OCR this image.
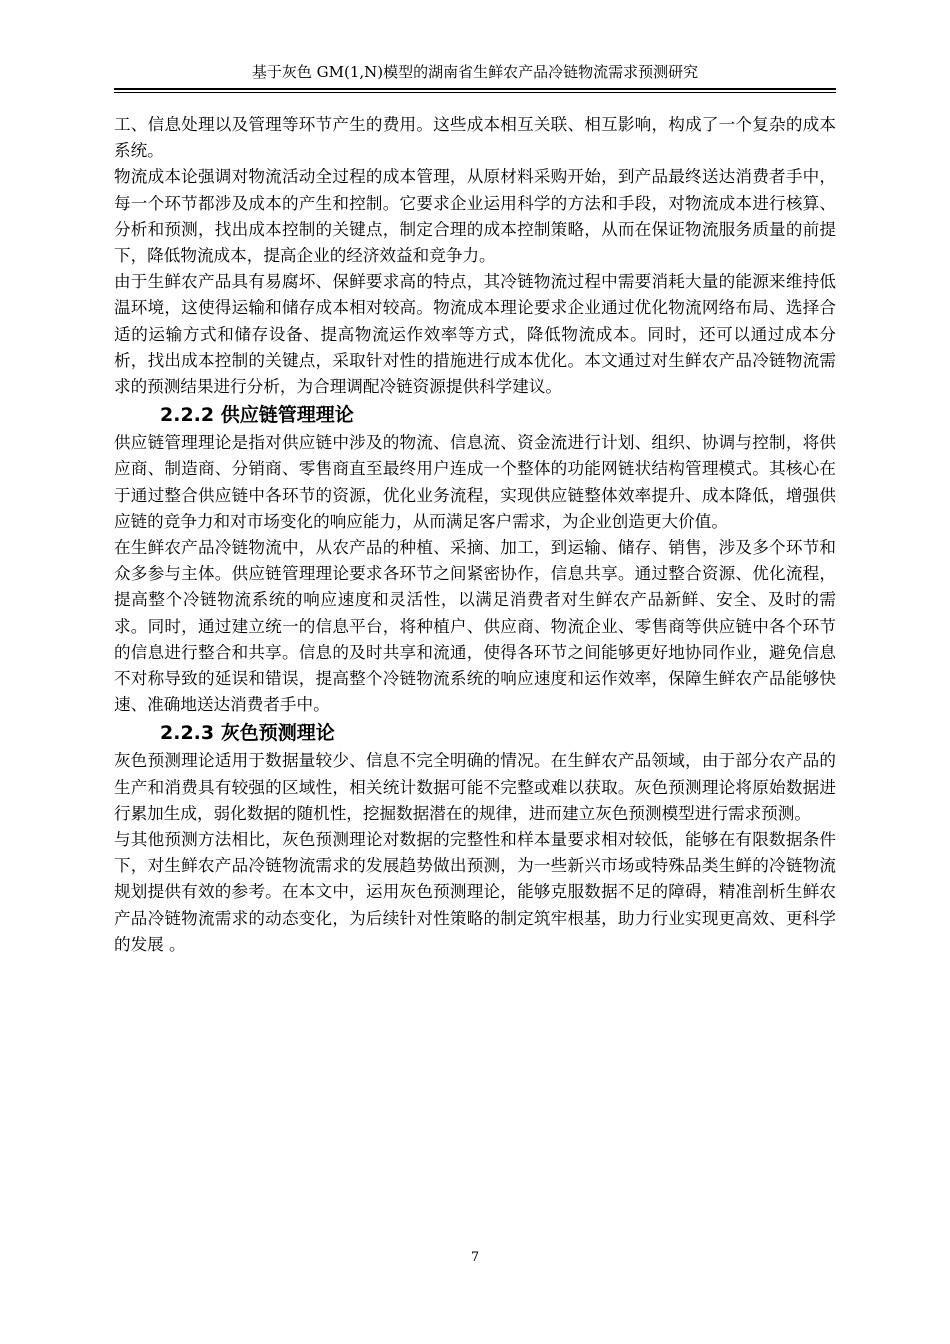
基于灰色 GM(1,N)模型的湖南省生鲜农产品冷链物流需求预测研究

工、信息处理以及管理等环节产生的费用。这些成本相互关联、相互影响，构成了一个复杂的成本系统。

物流成本论强调对物流活动全过程的成本管理，从原材料采购开始，到产品最终送达消费者手中，每一个环节都涉及成本的产生和控制。它要求企业运用科学的方法和手段，对物流成本进行核算、分析和预测，找出成本控制的关键点，制定合理的成本控制策略，从而在保证物流服务质量的前提下，降低物流成本，提高企业的经济效益和竞争力。

由于生鲜农产品具有易腐坏、保鲜要求高的特点，其冷链物流过程中需要消耗大量的能源来维持低温环境，这使得运输和储存成本相对较高。物流成本理论要求企业通过优化物流网络布局、选择合适的运输方式和储存设备、提高物流运作效率等方式，降低物流成本。同时，还可以通过成本分析，找出成本控制的关键点，采取针对性的措施进行成本优化。本文通过对生鲜农产品冷链物流需求的预测结果进行分析，为合理调配冷链资源提供科学建议。

2.2.2 供应链管理理论

供应链管理理论是指对供应链中涉及的物流、信息流、资金流进行计划、组织、协调与控制，将供应商、制造商、分销商、零售商直至最终用户连成一个整体的功能网链状结构管理模式。其核心在于通过整合供应链中各环节的资源，优化业务流程，实现供应链整体效率提升、成本降低，增强供应链的竞争力和对市场变化的响应能力，从而满足客户需求，为企业创造更大价值。

在生鲜农产品冷链物流中，从农产品的种植、采摘、加工，到运输、储存、销售，涉及多个环节和众多参与主体。供应链管理理论要求各环节之间紧密协作，信息共享。通过整合资源、优化流程，提高整个冷链物流系统的响应速度和灵活性，以满足消费者对生鲜农产品新鲜、安全、及时的需求。同时，通过建立统一的信息平台，将种植户、供应商、物流企业、零售商等供应链中各个环节的信息进行整合和共享。信息的及时共享和流通，使得各环节之间能够更好地协同作业，避免信息不对称导致的延误和错误，提高整个冷链物流系统的响应速度和运作效率，保障生鲜农产品能够快速、准确地送达消费者手中。

2.2.3 灰色预测理论

灰色预测理论适用于数据量较少、信息不完全明确的情况。在生鲜农产品领域，由于部分农产品的生产和消费具有较强的区域性，相关统计数据可能不完整或难以获取。灰色预测理论将原始数据进行累加生成，弱化数据的随机性，挖掘数据潜在的规律，进而建立灰色预测模型进行需求预测。

与其他预测方法相比，灰色预测理论对数据的完整性和样本量要求相对较低，能够在有限数据条件下，对生鲜农产品冷链物流需求的发展趋势做出预测，为一些新兴市场或特殊品类生鲜的冷链物流规划提供有效的参考。在本文中，运用灰色预测理论，能够克服数据不足的障碍，精准剖析生鲜农产品冷链物流需求的动态变化，为后续针对性策略的制定筑牢根基，助力行业实现更高效、更科学的发展 。

7
